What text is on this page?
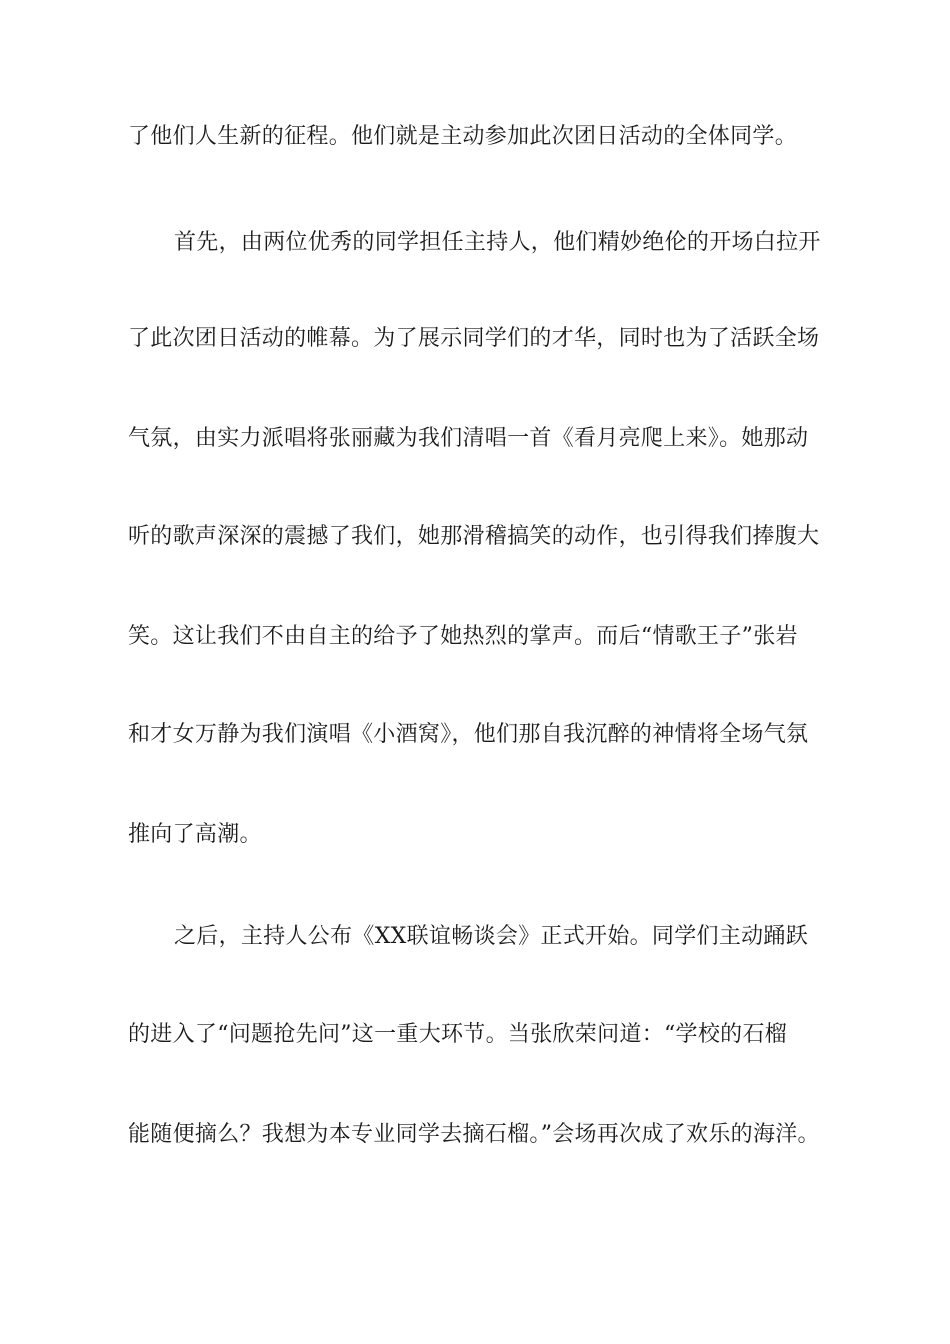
了他们人生新的征程。他们就是主动参加此次团日活动的全体同学。
首先，由两位优秀的同学担任主持人，他们精妙绝伦的开场白拉开
了此次团日活动的帷幕。为了展示同学们的才华，同时也为了活跃全场
气氛，由实力派唱将张丽藏为我们清唱一首《看月亮爬上来》。她那动
听的歌声深深的震撼了我们，她那滑稽搞笑的动作，也引得我们捧腹大
笑。这让我们不由自主的给予了她热烈的掌声。而后“情歌王子”张岩
和才女万静为我们演唱《小酒窝》，他们那自我沉醉的神情将全场气氛
推向了高潮。
之后，主持人公布《XX联谊畅谈会》正式开始。同学们主动踊跃
的进入了“问题抢先问”这一重大环节。当张欣荣问道：“学校的石榴
能随便摘么？我想为本专业同学去摘石榴。”会场再次成了欢乐的海洋。
